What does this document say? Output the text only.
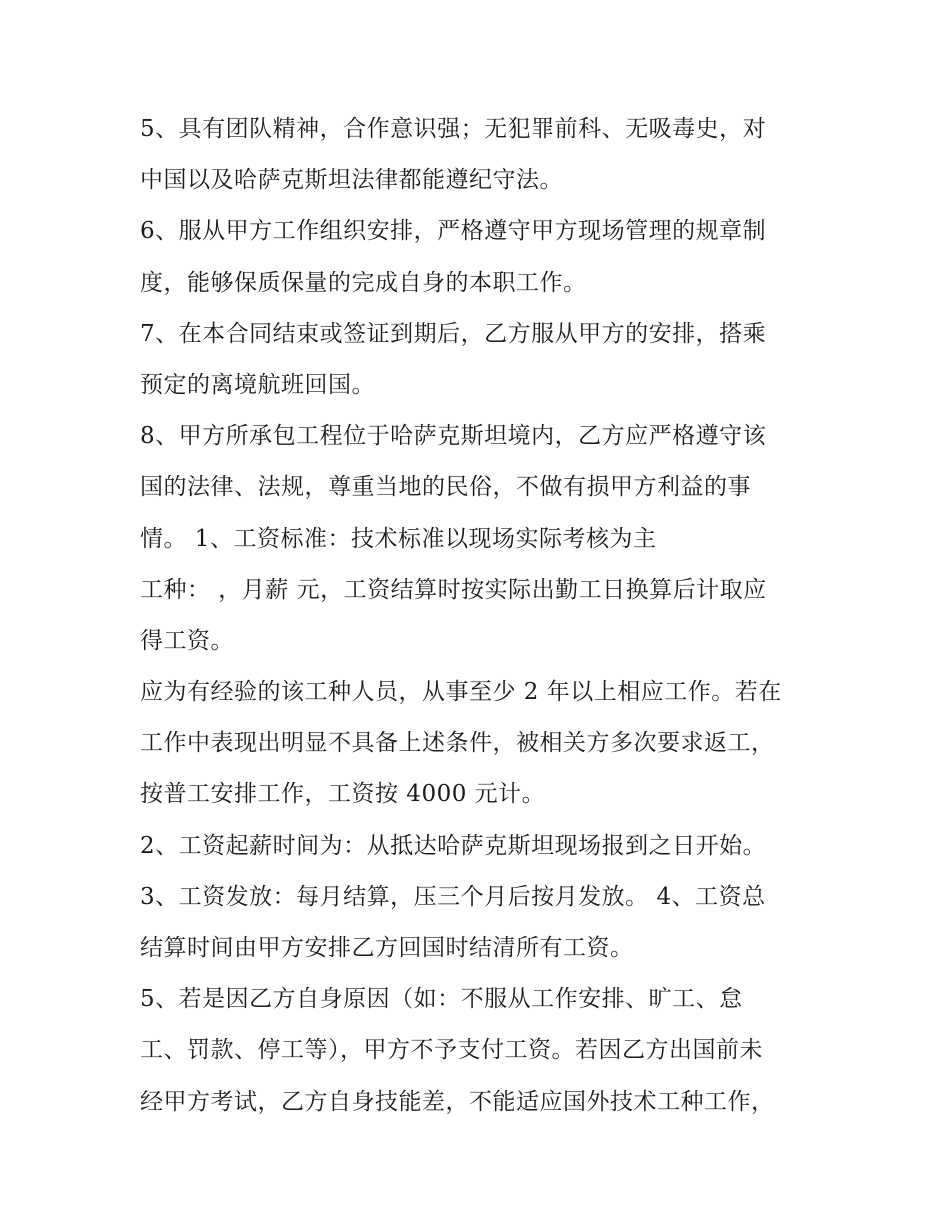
5、具有团队精神，合作意识强；无犯罪前科、无吸毒史，对
中国以及哈萨克斯坦法律都能遵纪守法。
6、服从甲方工作组织安排，严格遵守甲方现场管理的规章制
度，能够保质保量的完成自身的本职工作。
7、在本合同结束或签证到期后，乙方服从甲方的安排，搭乘
预定的离境航班回国。
8、甲方所承包工程位于哈萨克斯坦境内，乙方应严格遵守该
国的法律、法规，尊重当地的民俗，不做有损甲方利益的事
情。 1、工资标准：技术标准以现场实际考核为主
工种： ，月薪 元，工资结算时按实际出勤工日换算后计取应
得工资。
应为有经验的该工种人员，从事至少 2 年以上相应工作。若在
工作中表现出明显不具备上述条件，被相关方多次要求返工，
按普工安排工作，工资按 4000 元计。
2、工资起薪时间为：从抵达哈萨克斯坦现场报到之日开始。
3、工资发放：每月结算，压三个月后按月发放。 4、工资总
结算时间由甲方安排乙方回国时结清所有工资。
5、若是因乙方自身原因（如：不服从工作安排、旷工、怠
工、罚款、停工等），甲方不予支付工资。若因乙方出国前未
经甲方考试，乙方自身技能差，不能适应国外技术工种工作，
